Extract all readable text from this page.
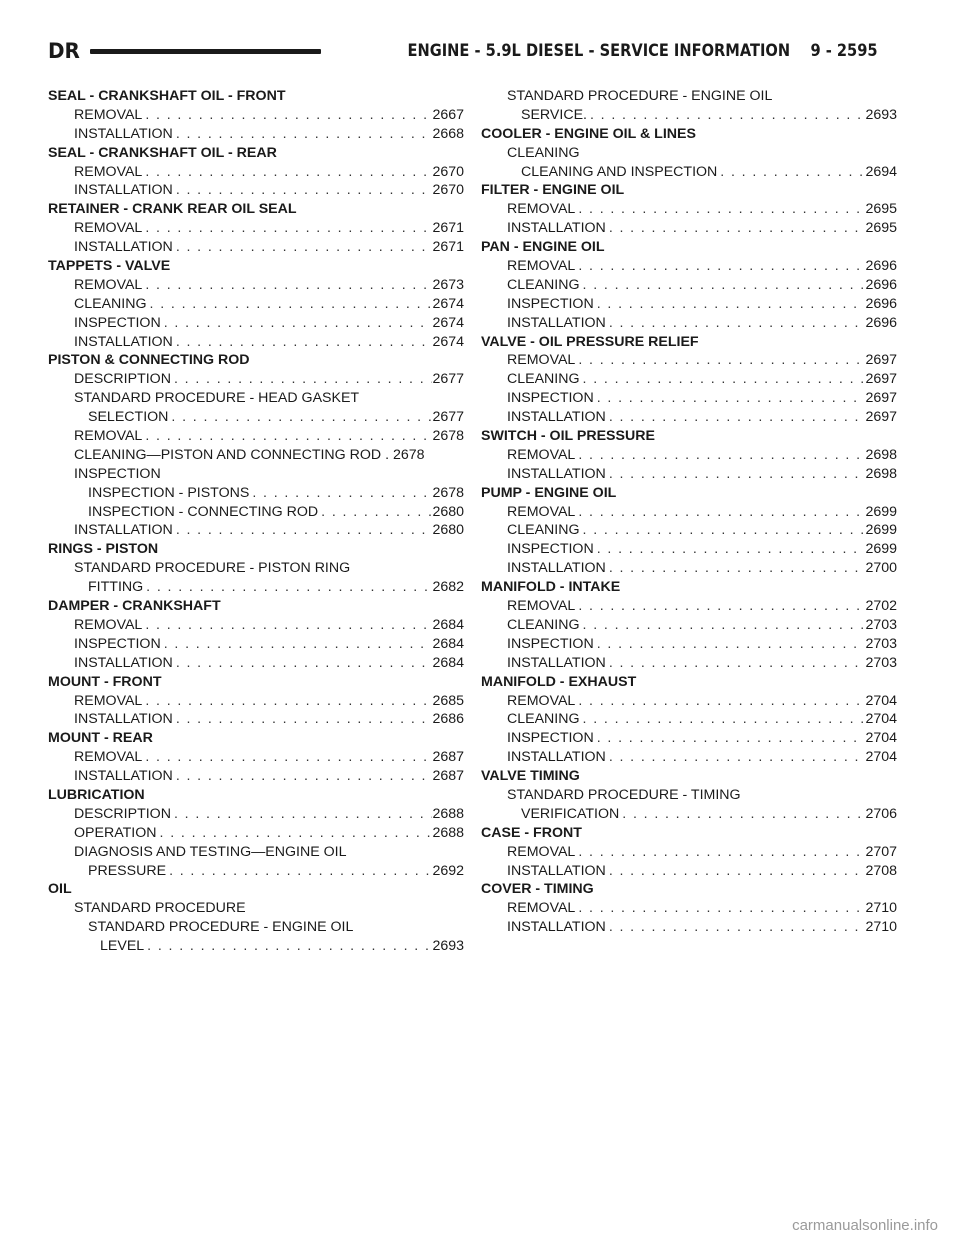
DR	ENGINE - 5.9L DIESEL - SERVICE INFORMATION    9 - 2595
SEAL - CRANKSHAFT OIL - FRONT
REMOVAL . . .	2667
INSTALLATION . . .	2668
SEAL - CRANKSHAFT OIL - REAR
REMOVAL . . .	2670
INSTALLATION . . .	2670
RETAINER - CRANK REAR OIL SEAL
REMOVAL . . .	2671
INSTALLATION . . .	2671
TAPPETS - VALVE
REMOVAL . . .	2673
CLEANING . . .	2674
INSPECTION . . .	2674
INSTALLATION . . .	2674
PISTON & CONNECTING ROD
DESCRIPTION . . .	2677
STANDARD PROCEDURE - HEAD GASKET
SELECTION . . .	2677
REMOVAL . . .	2678
CLEANING—PISTON AND CONNECTING ROD . 2678
INSPECTION
INSPECTION - PISTONS . . .	2678
INSPECTION - CONNECTING ROD . . .	2680
INSTALLATION . . .	2680
RINGS - PISTON
STANDARD PROCEDURE - PISTON RING
FITTING . . .	2682
DAMPER - CRANKSHAFT
REMOVAL . . .	2684
INSPECTION . . .	2684
INSTALLATION . . .	2684
MOUNT - FRONT
REMOVAL . . .	2685
INSTALLATION . . .	2686
MOUNT - REAR
REMOVAL . . .	2687
INSTALLATION . . .	2687
LUBRICATION
DESCRIPTION . . .	2688
OPERATION . . .	2688
DIAGNOSIS AND TESTING—ENGINE OIL
PRESSURE . . .	2692
OIL
STANDARD PROCEDURE
STANDARD PROCEDURE - ENGINE OIL
LEVEL . . .	2693
STANDARD PROCEDURE - ENGINE OIL
SERVICE. . . .	2693
COOLER - ENGINE OIL & LINES
CLEANING
CLEANING AND INSPECTION . . .	2694
FILTER - ENGINE OIL
REMOVAL . . .	2695
INSTALLATION . . .	2695
PAN - ENGINE OIL
REMOVAL . . .	2696
CLEANING . . .	2696
INSPECTION . . .	2696
INSTALLATION . . .	2696
VALVE - OIL PRESSURE RELIEF
REMOVAL . . .	2697
CLEANING . . .	2697
INSPECTION . . .	2697
INSTALLATION . . .	2697
SWITCH - OIL PRESSURE
REMOVAL . . .	2698
INSTALLATION . . .	2698
PUMP - ENGINE OIL
REMOVAL . . .	2699
CLEANING . . .	2699
INSPECTION . . .	2699
INSTALLATION . . .	2700
MANIFOLD - INTAKE
REMOVAL . . .	2702
CLEANING . . .	2703
INSPECTION . . .	2703
INSTALLATION . . .	2703
MANIFOLD - EXHAUST
REMOVAL . . .	2704
CLEANING . . .	2704
INSPECTION . . .	2704
INSTALLATION . . .	2704
VALVE TIMING
STANDARD PROCEDURE - TIMING
VERIFICATION . . .	2706
CASE - FRONT
REMOVAL . . .	2707
INSTALLATION . . .	2708
COVER - TIMING
REMOVAL . . .	2710
INSTALLATION . . .	2710
carmanualsonline.info
